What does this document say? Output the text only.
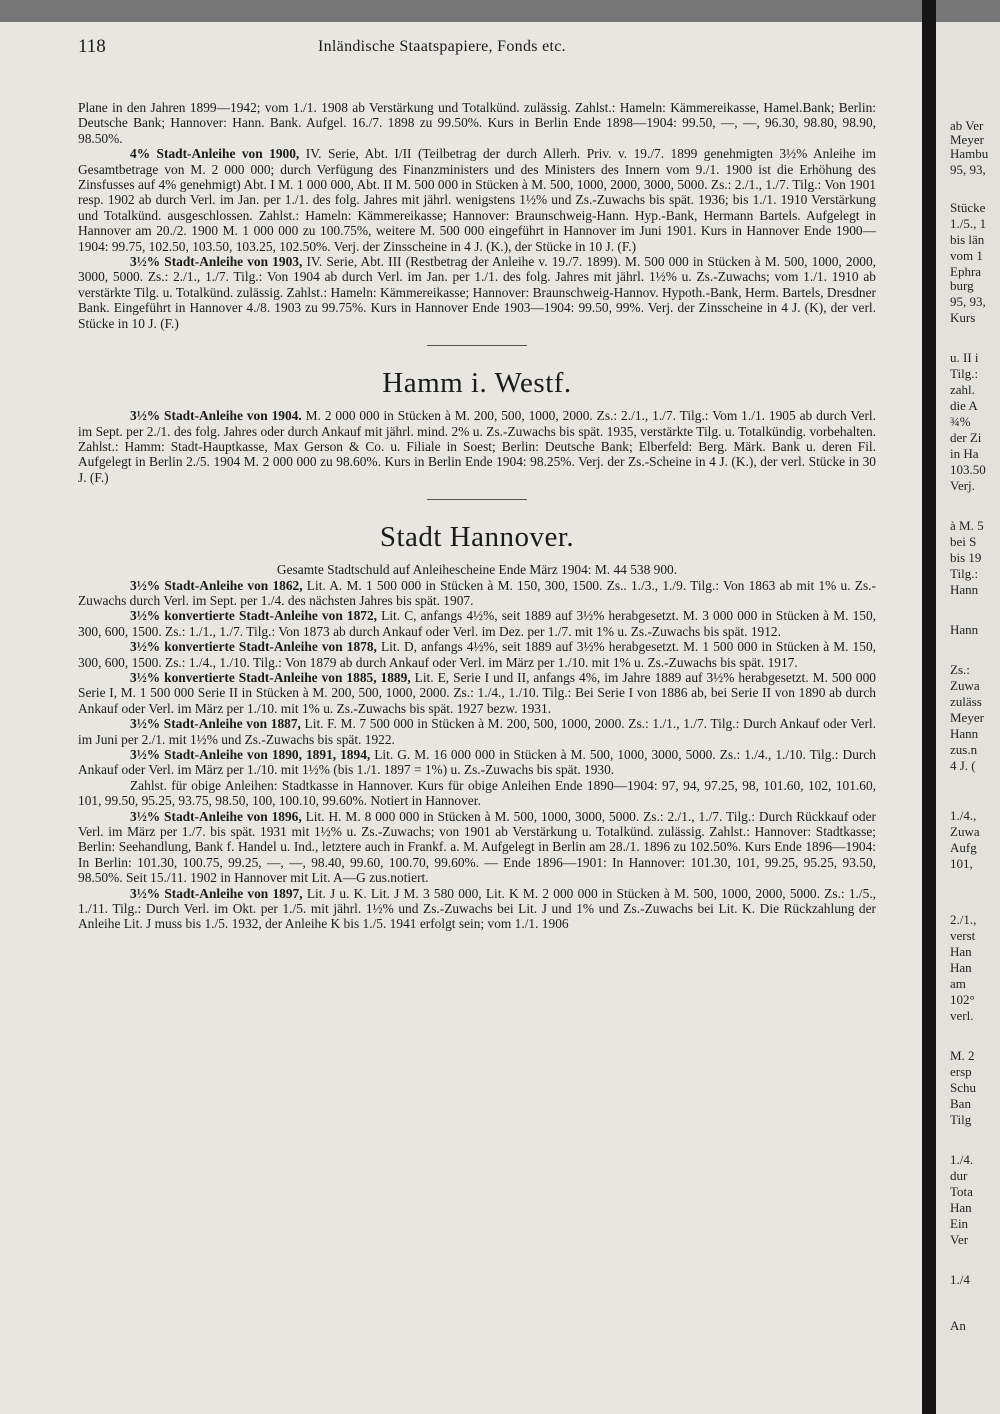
118	Inländische Staatspapiere, Fonds etc.

Plane in den Jahren 1899—1942; vom 1./1. 1908 ab Verstärkung und Totalkünd. zulässig. Zahlst.: Hameln: Kämmereikasse, Hamel.Bank; Berlin: Deutsche Bank; Hannover: Hann. Bank. Aufgel. 16./7. 1898 zu 99.50%. Kurs in Berlin Ende 1898—1904: 99.50, —, —, 96.30, 98.80, 98.90, 98.50%.

4% Stadt-Anleihe von 1900, IV. Serie, Abt. I/II (Teilbetrag der durch Allerh. Priv. v. 19./7. 1899 genehmigten 3½% Anleihe im Gesamtbetrage von M. 2 000 000; durch Verfügung des Finanzministers und des Ministers des Innern vom 9./1. 1900 ist die Erhöhung des Zinsfusses auf 4% genehmigt) Abt. I M. 1 000 000, Abt. II M. 500 000 in Stücken à M. 500, 1000, 2000, 3000, 5000. Zs.: 2./1., 1./7. Tilg.: Von 1901 resp. 1902 ab durch Verl. im Jan. per 1./1. des folg. Jahres mit jährl. wenigstens 1½% und Zs.-Zuwachs bis spät. 1936; bis 1./1. 1910 Verstärkung und Totalkünd. ausgeschlossen. Zahlst.: Hameln: Kämmereikasse; Hannover: Braunschweig-Hann. Hyp.-Bank, Hermann Bartels. Aufgelegt in Hannover am 20./2. 1900 M. 1 000 000 zu 100.75%, weitere M. 500 000 eingeführt in Hannover im Juni 1901. Kurs in Hannover Ende 1900—1904: 99.75, 102.50, 103.50, 103.25, 102.50%. Verj. der Zinsscheine in 4 J. (K.), der Stücke in 10 J. (F.)

3½% Stadt-Anleihe von 1903, IV. Serie, Abt. III (Restbetrag der Anleihe v. 19./7. 1899). M. 500 000 in Stücken à M. 500, 1000, 2000, 3000, 5000. Zs.: 2./1., 1./7. Tilg.: Von 1904 ab durch Verl. im Jan. per 1./1. des folg. Jahres mit jährl. 1½% u. Zs.-Zuwachs; vom 1./1. 1910 ab verstärkte Tilg. u. Totalkünd. zulässig. Zahlst.: Hameln: Kämmereikasse; Hannover: Braunschweig-Hannov. Hypoth.-Bank, Herm. Bartels, Dresdner Bank. Eingeführt in Hannover 4./8. 1903 zu 99.75%. Kurs in Hannover Ende 1903—1904: 99.50, 99%. Verj. der Zinsscheine in 4 J. (K), der verl. Stücke in 10 J. (F.)

Hamm i. Westf.

3½% Stadt-Anleihe von 1904. M. 2 000 000 in Stücken à M. 200, 500, 1000, 2000. Zs.: 2./1., 1./7. Tilg.: Vom 1./1. 1905 ab durch Verl. im Sept. per 2./1. des folg. Jahres oder durch Ankauf mit jährl. mind. 2% u. Zs.-Zuwachs bis spät. 1935, verstärkte Tilg. u. Totalkündig. vorbehalten. Zahlst.: Hamm: Stadt-Hauptkasse, Max Gerson & Co. u. Filiale in Soest; Berlin: Deutsche Bank; Elberfeld: Berg. Märk. Bank u. deren Fil. Aufgelegt in Berlin 2./5. 1904 M. 2 000 000 zu 98.60%. Kurs in Berlin Ende 1904: 98.25%. Verj. der Zs.-Scheine in 4 J. (K.), der verl. Stücke in 30 J. (F.)

Stadt Hannover.

Gesamte Stadtschuld auf Anleihescheine Ende März 1904: M. 44 538 900.

3½% Stadt-Anleihe von 1862, Lit. A. M. 1 500 000 in Stücken à M. 150, 300, 1500. Zs.. 1./3., 1./9. Tilg.: Von 1863 ab mit 1% u. Zs.-Zuwachs durch Verl. im Sept. per 1./4. des nächsten Jahres bis spät. 1907.

3½% konvertierte Stadt-Anleihe von 1872, Lit. C, anfangs 4½%, seit 1889 auf 3½% herabgesetzt. M. 3 000 000 in Stücken à M. 150, 300, 600, 1500. Zs.: 1./1., 1./7. Tilg.: Von 1873 ab durch Ankauf oder Verl. im Dez. per 1./7. mit 1% u. Zs.-Zuwachs bis spät. 1912.

3½% konvertierte Stadt-Anleihe von 1878, Lit. D, anfangs 4½%, seit 1889 auf 3½% herabgesetzt. M. 1 500 000 in Stücken à M. 150, 300, 600, 1500. Zs.: 1./4., 1./10. Tilg.: Von 1879 ab durch Ankauf oder Verl. im März per 1./10. mit 1% u. Zs.-Zuwachs bis spät. 1917.

3½% konvertierte Stadt-Anleihe von 1885, 1889, Lit. E, Serie I und II, anfangs 4%, im Jahre 1889 auf 3½% herabgesetzt. M. 500 000 Serie I, M. 1 500 000 Serie II in Stücken à M. 200, 500, 1000, 2000. Zs.: 1./4., 1./10. Tilg.: Bei Serie I von 1886 ab, bei Serie II von 1890 ab durch Ankauf oder Verl. im März per 1./10. mit 1% u. Zs.-Zuwachs bis spät. 1927 bezw. 1931.

3½% Stadt-Anleihe von 1887, Lit. F. M. 7 500 000 in Stücken à M. 200, 500, 1000, 2000. Zs.: 1./1., 1./7. Tilg.: Durch Ankauf oder Verl. im Juni per 2./1. mit 1½% und Zs.-Zuwachs bis spät. 1922.

3½% Stadt-Anleihe von 1890, 1891, 1894, Lit. G. M. 16 000 000 in Stücken à M. 500, 1000, 3000, 5000. Zs.: 1./4., 1./10. Tilg.: Durch Ankauf oder Verl. im März per 1./10. mit 1½% (bis 1./1. 1897 = 1%) u. Zs.-Zuwachs bis spät. 1930.

Zahlst. für obige Anleihen: Stadtkasse in Hannover. Kurs für obige Anleihen Ende 1890—1904: 97, 94, 97.25, 98, 101.60, 102, 101.60, 101, 99.50, 95.25, 93.75, 98.50, 100, 100.10, 99.60%. Notiert in Hannover.

3½% Stadt-Anleihe von 1896, Lit. H. M. 8 000 000 in Stücken à M. 500, 1000, 3000, 5000. Zs.: 2./1., 1./7. Tilg.: Durch Rückkauf oder Verl. im März per 1./7. bis spät. 1931 mit 1½% u. Zs.-Zuwachs; von 1901 ab Verstärkung u. Totalkünd. zulässig. Zahlst.: Hannover: Stadtkasse; Berlin: Seehandlung, Bank f. Handel u. Ind., letztere auch in Frankf. a. M. Aufgelegt in Berlin am 28./1. 1896 zu 102.50%. Kurs Ende 1896—1904: In Berlin: 101.30, 100.75, 99.25, —, —, 98.40, 99.60, 100.70, 99.60%. — Ende 1896—1901: In Hannover: 101.30, 101, 99.25, 95.25, 93.50, 98.50%. Seit 15./11. 1902 in Hannover mit Lit. A—G zus.notiert.

3½% Stadt-Anleihe von 1897, Lit. J u. K. Lit. J M. 3 580 000, Lit. K M. 2 000 000 in Stücken à M. 500, 1000, 2000, 5000. Zs.: 1./5., 1./11. Tilg.: Durch Verl. im Okt. per 1./5. mit jährl. 1½% und Zs.-Zuwachs bei Lit. J und 1% und Zs.-Zuwachs bei Lit. K. Die Rückzahlung der Anleihe Lit. J muss bis 1./5. 1932, der Anleihe K bis 1./5. 1941 erfolgt sein; vom 1./1. 1906

ab Ver
Meyer
Hambu
95, 93,
Stücke
1./5., 1
bis län
vom 1
Ephra
burg
95, 93,
Kurs
u. II i
Tilg.:
zahl.
die A
¾%
der Zi
in Ha
103.50
Verj.
à M. 5
bei S
bis 19
Tilg.:
Hann
Hann
Zs.:
Zuwa
zuläss
Meyer
Hann
zus.n
4 J. (
1./4.,
Zuwa
Aufg
101,
2./1.,
verst
Han
Han
am
102°
verl.
M. 2
ersp
Schu
Ban
Tilg
1./4.
dur
Tota
Han
Ein
Ver
1./4
An
